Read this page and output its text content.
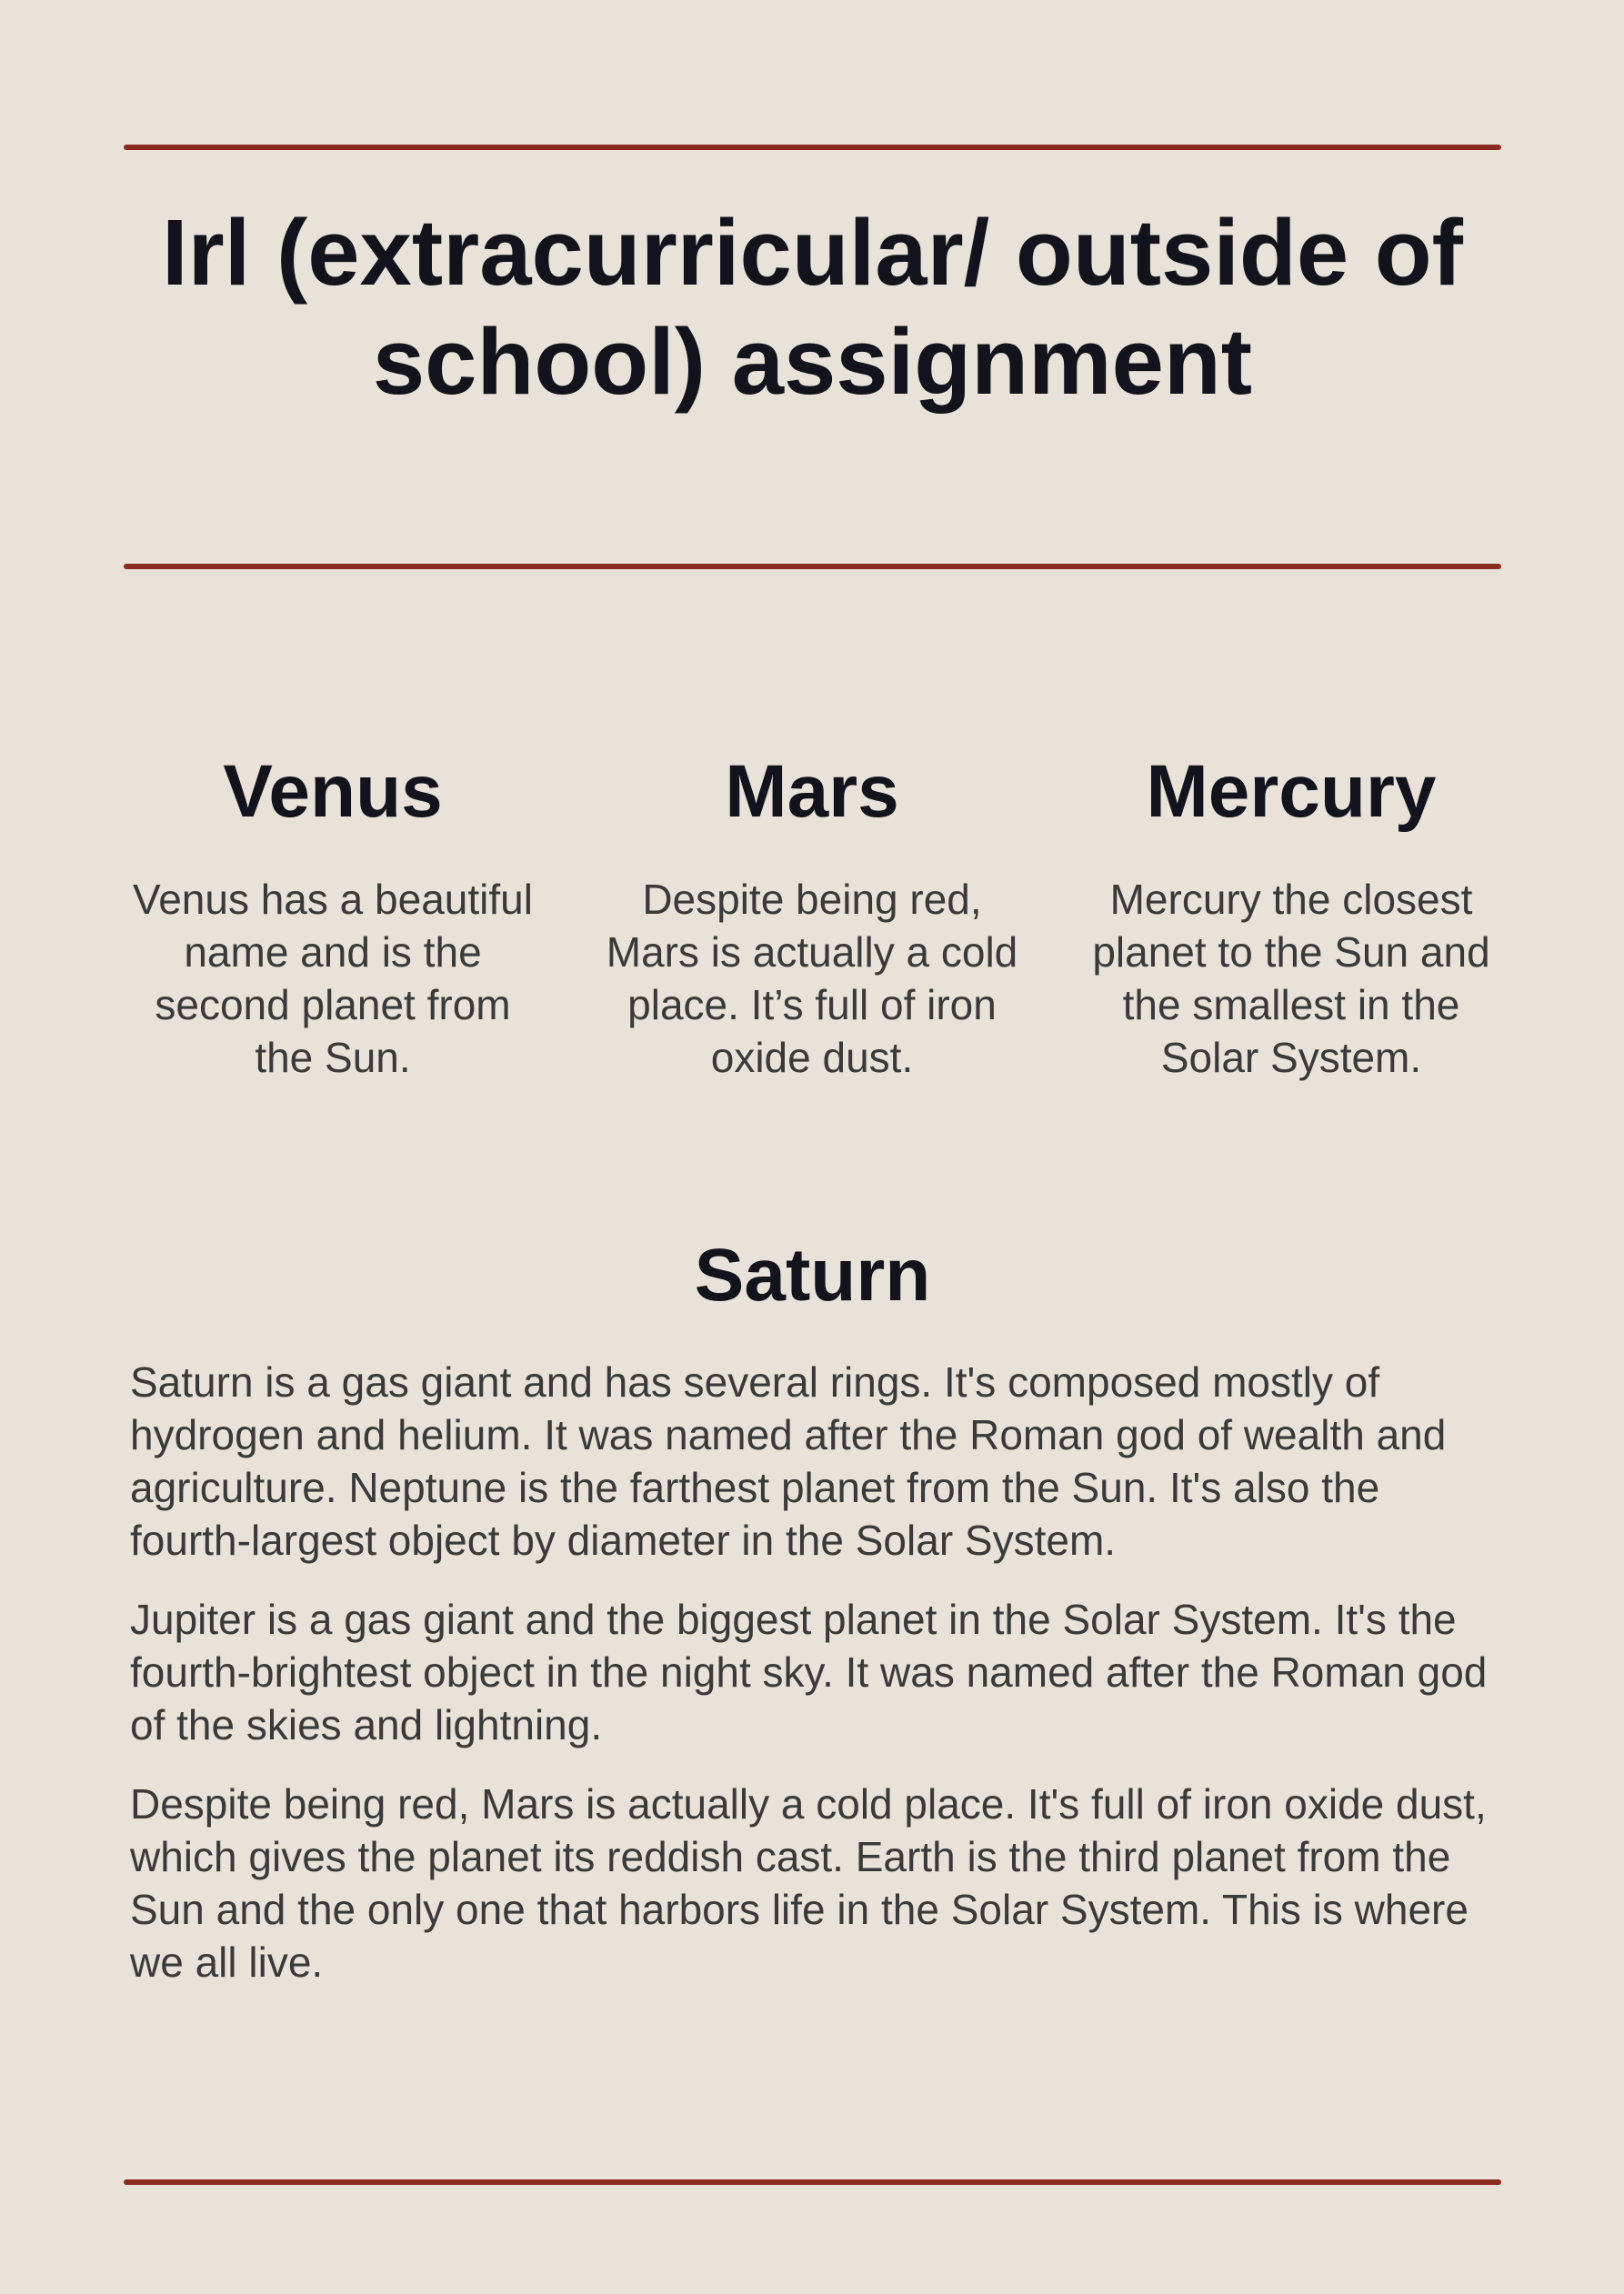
Irl (extracurricular/ outside of school) assignment
Venus

Venus has a beautiful name and is the second planet from the Sun.

Mars

Despite being red, Mars is actually a cold place. It’s full of iron oxide dust.

Mercury

Mercury the closest planet to the Sun and the smallest in the Solar System.

Saturn

Saturn is a gas giant and has several rings. It's composed mostly of hydrogen and helium. It was named after the Roman god of wealth and agriculture. Neptune is the farthest planet from the Sun. It's also the fourth-largest object by diameter in the Solar System.

Jupiter is a gas giant and the biggest planet in the Solar System. It's the fourth-brightest object in the night sky. It was named after the Roman god of the skies and lightning.

Despite being red, Mars is actually a cold place. It's full of iron oxide dust, which gives the planet its reddish cast. Earth is the third planet from the Sun and the only one that harbors life in the Solar System. This is where we all live.
